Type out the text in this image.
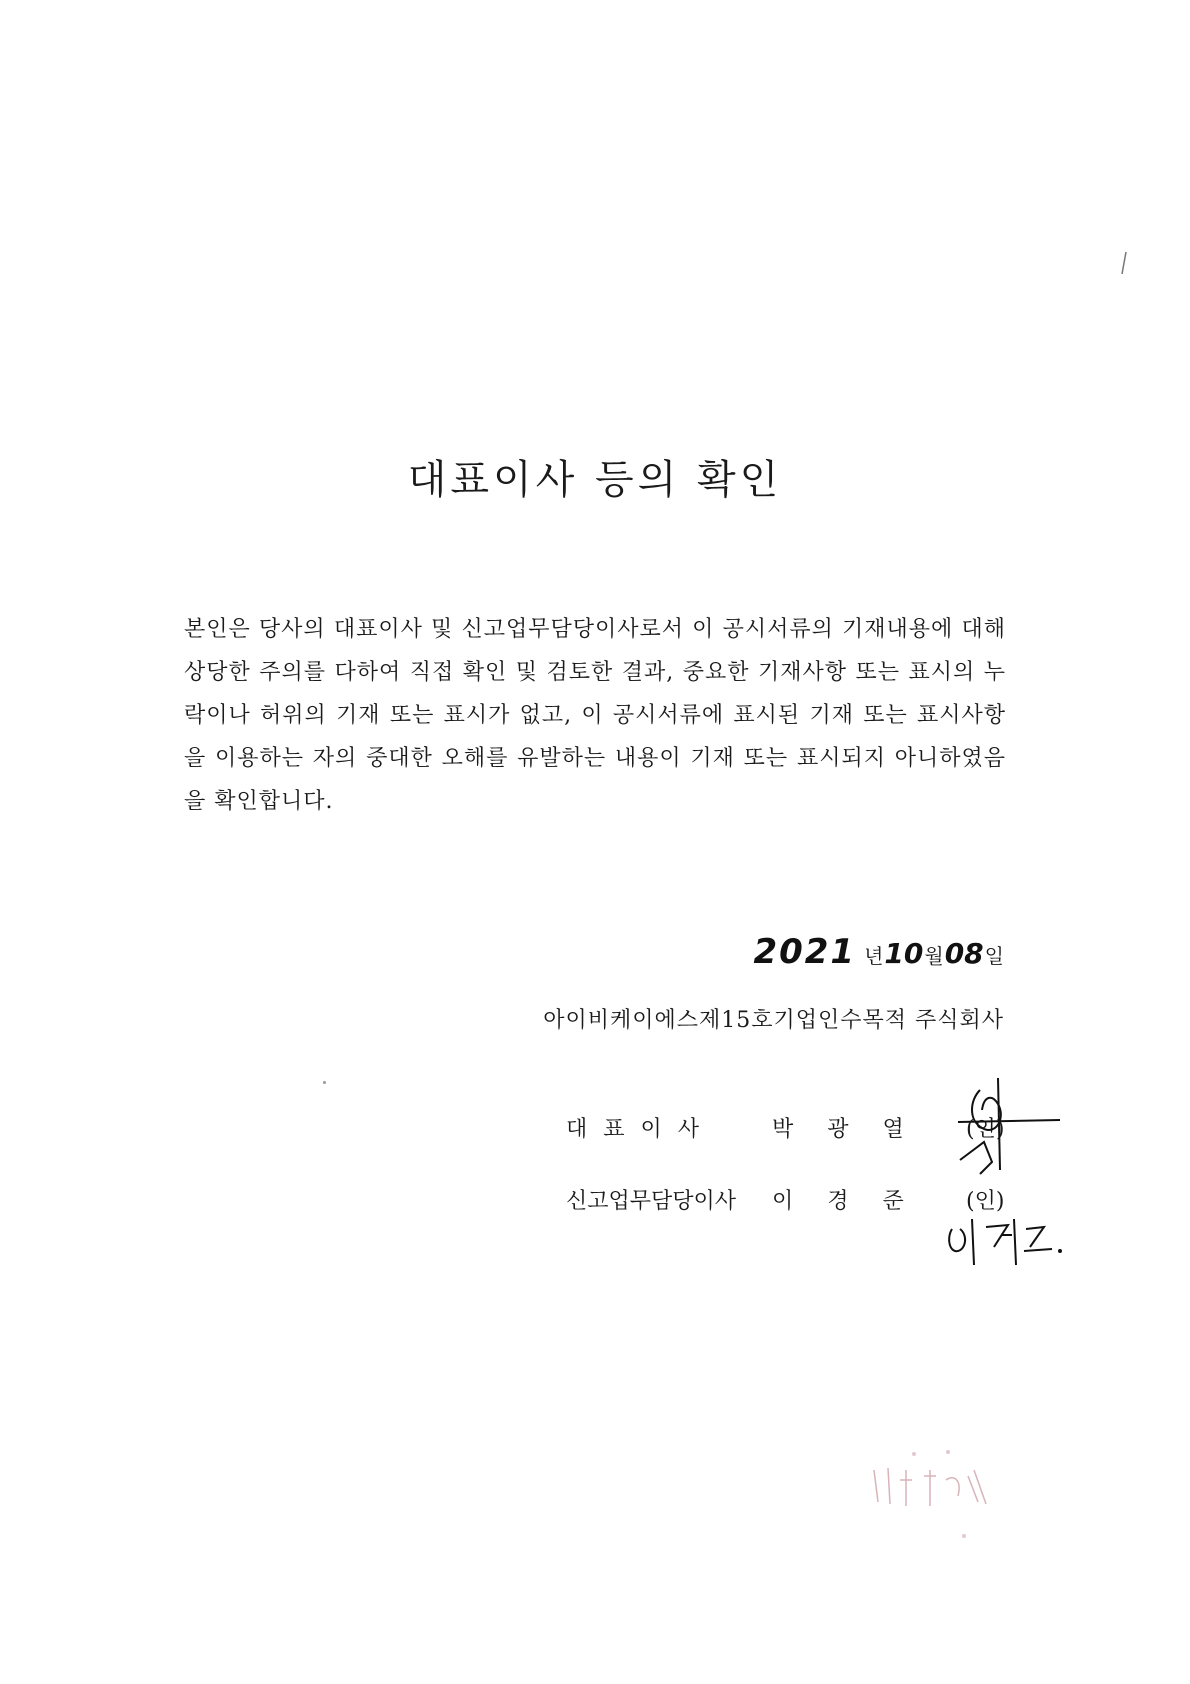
대표이사 등의 확인

본인은 당사의 대표이사 및 신고업무담당이사로서 이 공시서류의 기재내용에 대해 상당한 주의를 다하여 직접 확인 및 검토한 결과, 중요한 기재사항 또는 표시의 누락이나 허위의 기재 또는 표시가 없고, 이 공시서류에 표시된 기재 또는 표시사항을 이용하는 자의 중대한 오해를 유발하는 내용이 기재 또는 표시되지 아니하였음을 확인합니다.

2021 년 10 월 08 일
아이비케이에스제15호기업인수목적 주식회사
대표이사	박광열 (인)
신고업무담당이사 이경준 (인)
